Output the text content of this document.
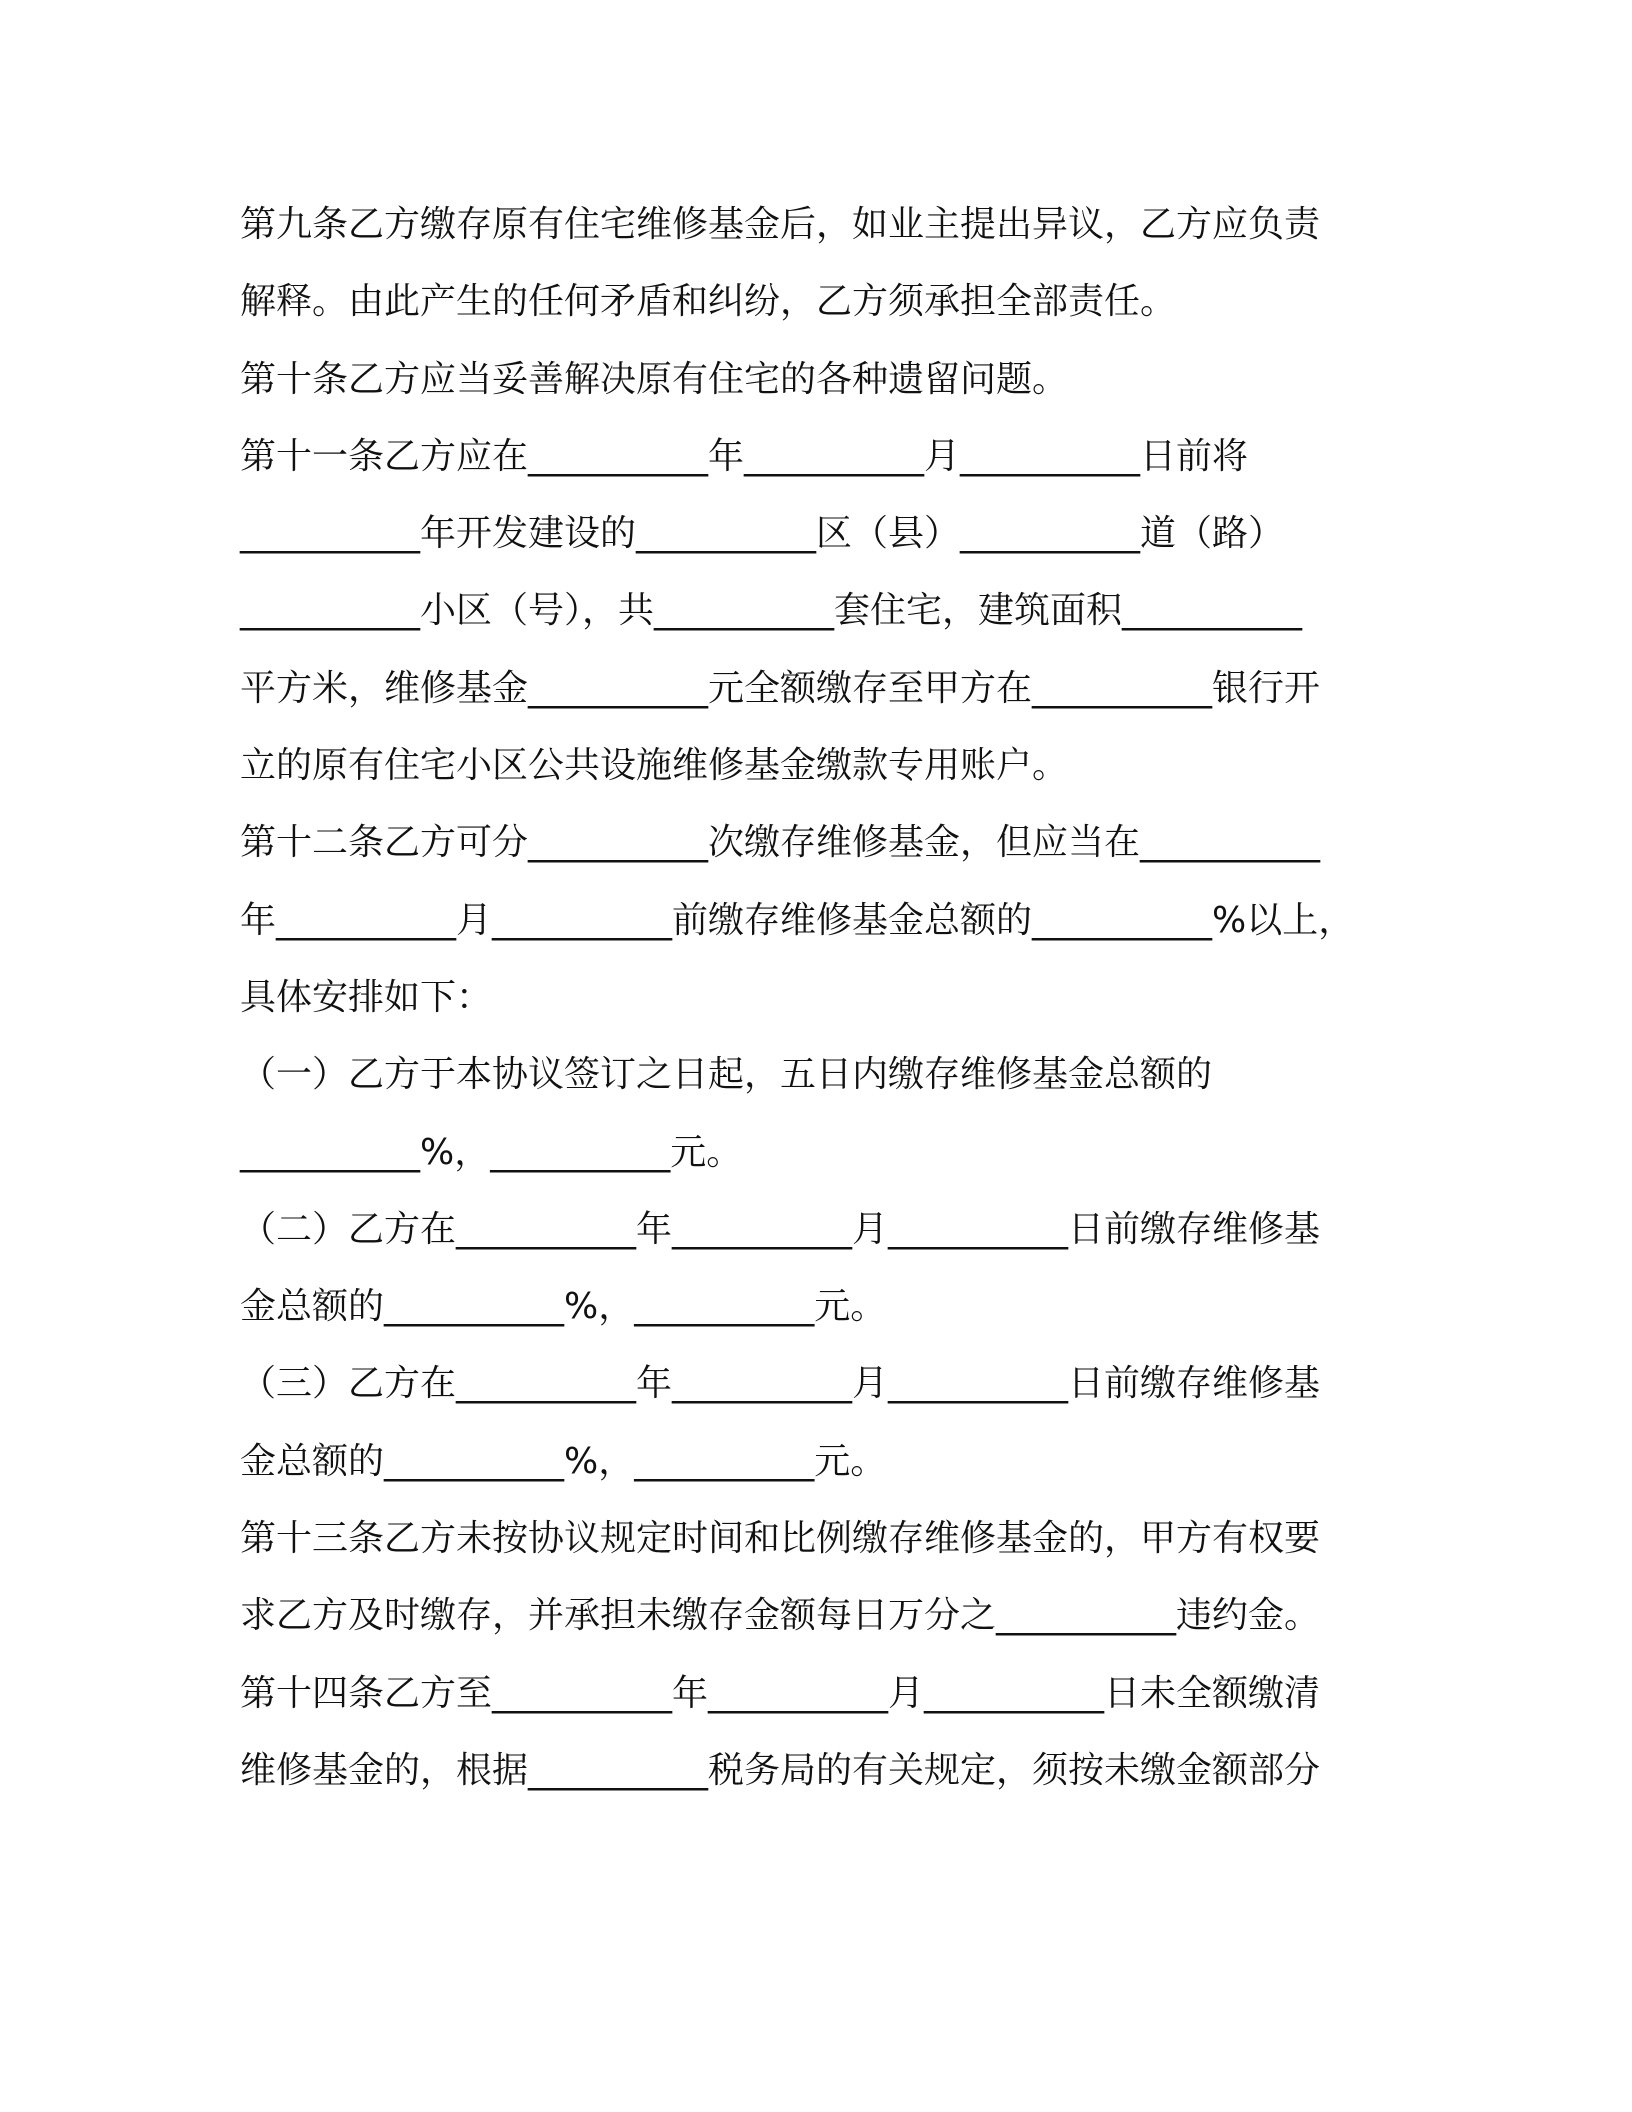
第九条乙方缴存原有住宅维修基金后，如业主提出异议，乙方应负责
解释。由此产生的任何矛盾和纠纷，乙方须承担全部责任。
第十条乙方应当妥善解决原有住宅的各种遗留问题。
第十一条乙方应在__________年__________月__________日前将
__________年开发建设的__________区（县）__________道（路）
__________小区（号），共__________套住宅，建筑面积__________
平方米，维修基金__________元全额缴存至甲方在__________银行开
立的原有住宅小区公共设施维修基金缴款专用账户。
第十二条乙方可分__________次缴存维修基金，但应当在__________
年__________月__________前缴存维修基金总额的__________%以上，
具体安排如下：
（一）乙方于本协议签订之日起，五日内缴存维修基金总额的
__________%，__________元。
（二）乙方在__________年__________月__________日前缴存维修基
金总额的__________%，__________元。
（三）乙方在__________年__________月__________日前缴存维修基
金总额的__________%，__________元。
第十三条乙方未按协议规定时间和比例缴存维修基金的，甲方有权要
求乙方及时缴存，并承担未缴存金额每日万分之__________违约金。
第十四条乙方至__________年__________月__________日未全额缴清
维修基金的，根据__________税务局的有关规定，须按未缴金额部分
